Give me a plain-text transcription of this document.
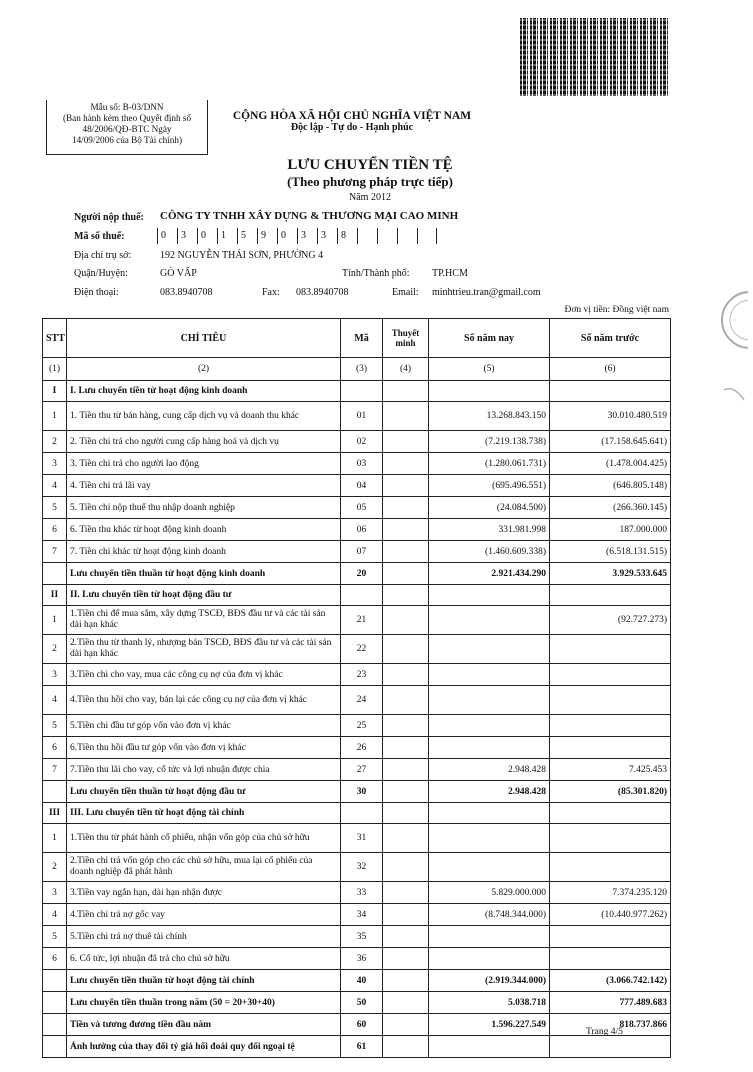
Mẫu số: B-03/DNN
(Ban hành kèm theo Quyết định số
48/2006/QĐ-BTC Ngày
14/09/2006 của Bộ Tài chính)
CỘNG HÒA XÃ HỘI CHỦ NGHĨA VIỆT NAM
Độc lập - Tự do - Hạnh phúc
LƯU CHUYỂN TIỀN TỆ
(Theo phương pháp trực tiếp)
Năm 2012
Người nộp thuế: CÔNG TY TNHH XÂY DỰNG & THƯƠNG MẠI CAO MINH
Mã số thuế:	0	3	0	1	5	9	0	3	3	8
Địa chỉ trụ sở:	192 NGUYỄN THÁI SƠN, PHƯỜNG 4
Quận/Huyện:	GÒ VẤP	Tỉnh/Thành phố: TP.HCM
Điện thoại:	083.8940708	Fax: 083.8940708	Email: minhtrieu.tran@gmail.com
Đơn vị tiền: Đồng việt nam
STT	CHỈ TIÊU	Mã	Thuyết minh	Số năm nay	Số năm trước
(1)	(2)	(3)	(4)	(5)	(6)
I	I. Lưu chuyển tiền từ hoạt động kinh doanh				
1	1. Tiền thu từ bán hàng, cung cấp dịch vụ và doanh thu khác	01		13.268.843.150	30.010.480.519
2	2. Tiền chi trả cho người cung cấp hàng hoá và dịch vụ	02		(7.219.138.738)	(17.158.645.641)
3	3. Tiền chi trả cho người lao động	03		(1.280.061.731)	(1.478.004.425)
4	4. Tiền chi trả lãi vay	04		(695.496.551)	(646.805.148)
5	5. Tiền chi nộp thuế thu nhập doanh nghiệp	05		(24.084.500)	(266.360.145)
6	6. Tiền thu khác từ hoạt động kinh doanh	06		331.981.998	187.000.000
7	7. Tiền chi khác từ hoạt động kinh doanh	07		(1.460.609.338)	(6.518.131.515)
	Lưu chuyển tiền thuần từ hoạt động kinh doanh	20		2.921.434.290	3.929.533.645
II	II. Lưu chuyển tiền từ hoạt động đầu tư				
1	1.Tiền chi để mua sắm, xây dựng TSCĐ, BĐS đầu tư và các tài sản dài hạn khác	21			(92.727.273)
2	2.Tiền thu từ thanh lý, nhượng bán TSCĐ, BĐS đầu tư và các tài sản dài hạn khác	22			
3	3.Tiền chi cho vay, mua các công cụ nợ của đơn vị khác	23			
4	4.Tiền thu hồi cho vay, bán lại các công cụ nợ của đơn vị khác	24			
5	5.Tiền chi đầu tư góp vốn vào đơn vị khác	25			
6	6.Tiền thu hồi đầu tư góp vốn vào đơn vị khác	26			
7	7.Tiền thu lãi cho vay, cổ tức và lợi nhuận được chia	27		2.948.428	7.425.453
	Lưu chuyển tiền thuần từ hoạt động đầu tư	30		2.948.428	(85.301.820)
III	III. Lưu chuyển tiền từ hoạt động tài chính				
1	1.Tiền thu từ phát hành cổ phiếu, nhận vốn góp của chủ sở hữu	31			
2	2.Tiền chi trả vốn góp cho các chủ sở hữu, mua lại cổ phiếu của doanh nghiệp đã phát hành	32			
3	3.Tiền vay ngắn hạn, dài hạn nhận được	33		5.829.000.000	7.374.235.120
4	4.Tiền chi trả nợ gốc vay	34		(8.748.344.000)	(10.440.977.262)
5	5.Tiền chi trả nợ thuê tài chính	35			
6	6. Cổ tức, lợi nhuận đã trả cho chủ sở hữu	36			
	Lưu chuyển tiền thuần từ hoạt động tài chính	40		(2.919.344.000)	(3.066.742.142)
	Lưu chuyển tiền thuần trong năm (50 = 20+30+40)	50		5.038.718	777.489.683
	Tiền và tương đương tiền đầu năm	60		1.596.227.549	818.737.866
	Ảnh hưởng của thay đổi tỷ giá hối đoái quy đổi ngoại tệ	61			
Trang 4/5
